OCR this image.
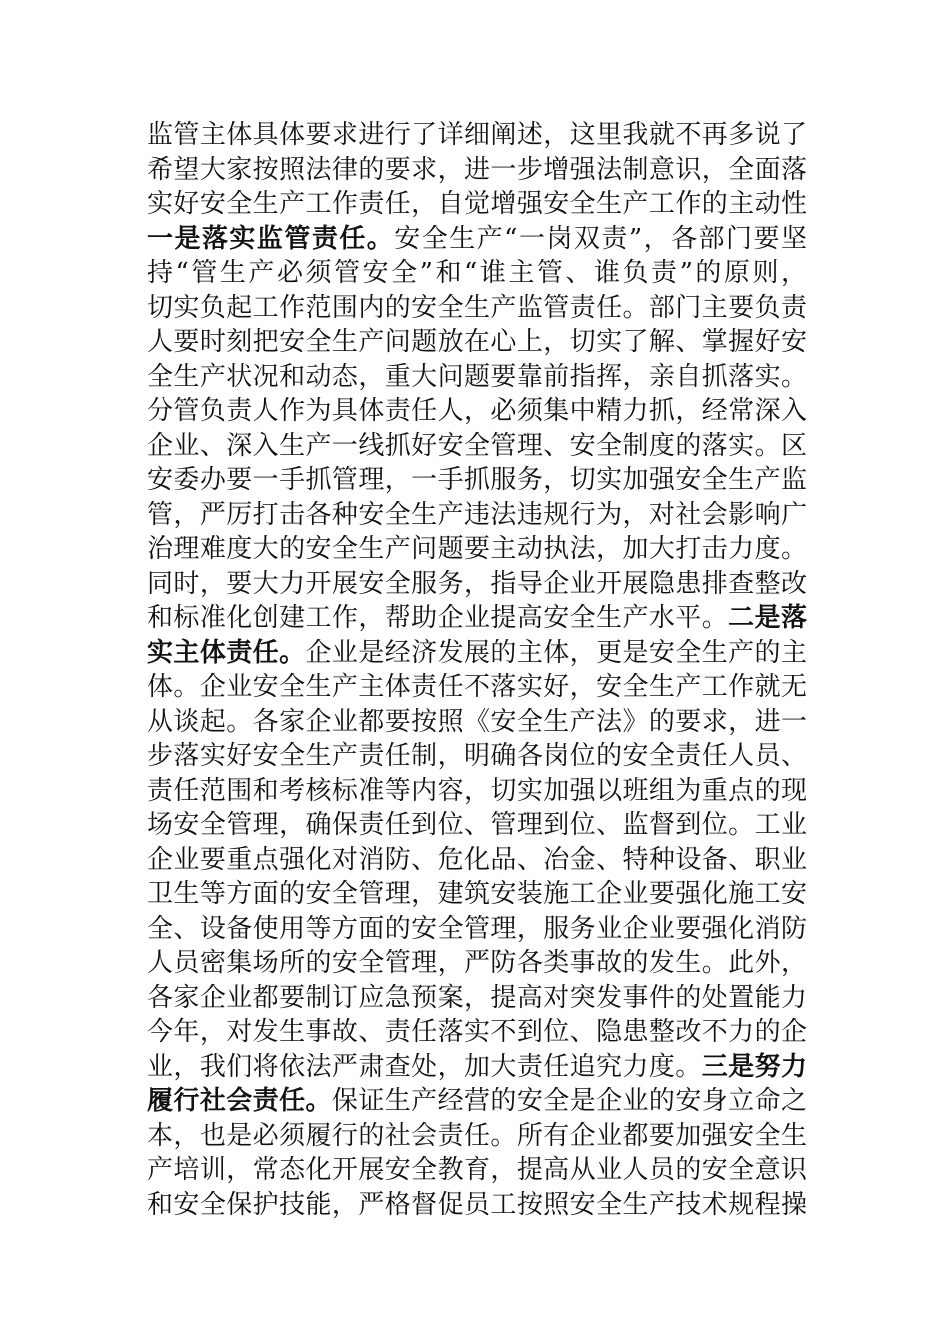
监管主体具体要求进行了详细阐述，这里我就不再多说了
希望大家按照法律的要求，进一步增强法制意识，全面落
实好安全生产工作责任，自觉增强安全生产工作的主动性
一是落实监管责任。安全生产“一岗双责”，各部门要坚
持“管生产必须管安全”和“谁主管、谁负责”的原则，
切实负起工作范围内的安全生产监管责任。部门主要负责
人要时刻把安全生产问题放在心上，切实了解、掌握好安
全生产状况和动态，重大问题要靠前指挥，亲自抓落实。
分管负责人作为具体责任人，必须集中精力抓，经常深入
企业、深入生产一线抓好安全管理、安全制度的落实。区
安委办要一手抓管理，一手抓服务，切实加强安全生产监
管，严厉打击各种安全生产违法违规行为，对社会影响广
治理难度大的安全生产问题要主动执法，加大打击力度。
同时，要大力开展安全服务，指导企业开展隐患排查整改
和标准化创建工作，帮助企业提高安全生产水平。二是落
实主体责任。企业是经济发展的主体，更是安全生产的主
体。企业安全生产主体责任不落实好，安全生产工作就无
从谈起。各家企业都要按照《安全生产法》的要求，进一
步落实好安全生产责任制，明确各岗位的安全责任人员、
责任范围和考核标准等内容，切实加强以班组为重点的现
场安全管理，确保责任到位、管理到位、监督到位。工业
企业要重点强化对消防、危化品、冶金、特种设备、职业
卫生等方面的安全管理，建筑安装施工企业要强化施工安
全、设备使用等方面的安全管理，服务业企业要强化消防
人员密集场所的安全管理，严防各类事故的发生。此外，
各家企业都要制订应急预案，提高对突发事件的处置能力
今年，对发生事故、责任落实不到位、隐患整改不力的企
业，我们将依法严肃查处，加大责任追究力度。三是努力
履行社会责任。保证生产经营的安全是企业的安身立命之
本，也是必须履行的社会责任。所有企业都要加强安全生
产培训，常态化开展安全教育，提高从业人员的安全意识
和安全保护技能，严格督促员工按照安全生产技术规程操
